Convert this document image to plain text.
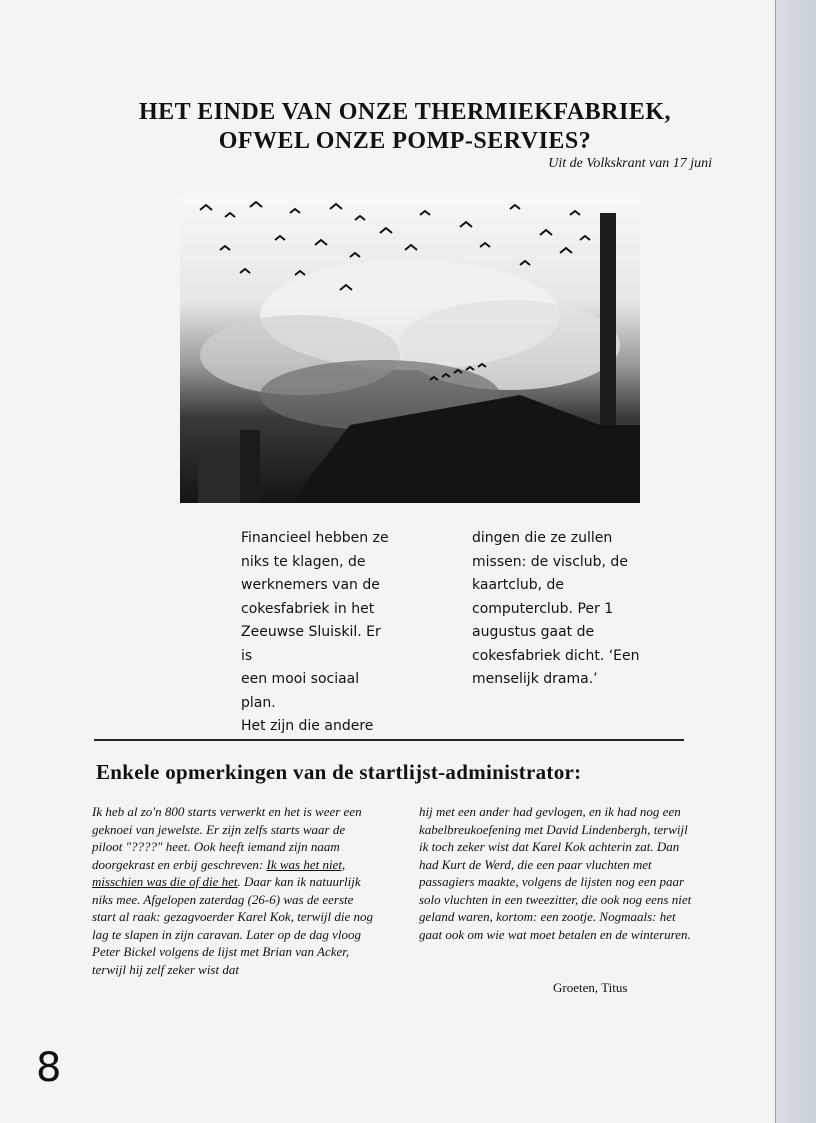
HET EINDE VAN ONZE THERMIEKFABRIEK,
OFWEL ONZE POMP-SERVIES?
Uit de Volkskrant van 17 juni
Financieel hebben ze
niks te klagen, de
werknemers van de
cokesfabriek in het
Zeeuwse Sluiskil. Er is
een mooi sociaal plan.
Het zijn die andere
dingen die ze zullen
missen: de visclub, de
kaartclub, de
computerclub. Per 1
augustus gaat de
cokesfabriek dicht. ‘Een
menselijk drama.’
Enkele opmerkingen van de startlijst-administrator:
Ik heb al zo'n 800 starts verwerkt en het is weer een geknoei van jewelste. Er zijn zelfs starts waar de piloot "????" heet. Ook heeft iemand zijn naam doorgekrast en erbij geschreven: Ik was het niet, misschien was die of die het. Daar kan ik natuurlijk niks mee. Afgelopen zaterdag (26-6) was de eerste start al raak: gezagvoerder Karel Kok, terwijl die nog lag te slapen in zijn caravan. Later op de dag vloog Peter Bickel volgens de lijst met Brian van Acker, terwijl hij zelf zeker wist dat
hij met een ander had gevlogen, en ik had nog een kabelbreukoefening met David Lindenbergh, terwijl ik toch zeker wist dat Karel Kok achterin zat. Dan had Kurt de Werd, die een paar vluchten met passagiers maakte, volgens de lijsten nog een paar solo vluchten in een tweezitter, die ook nog eens niet geland waren, kortom: een zootje. Nogmaals: het gaat ook om wie wat moet betalen en de winteruren.
Groeten, Titus
8
